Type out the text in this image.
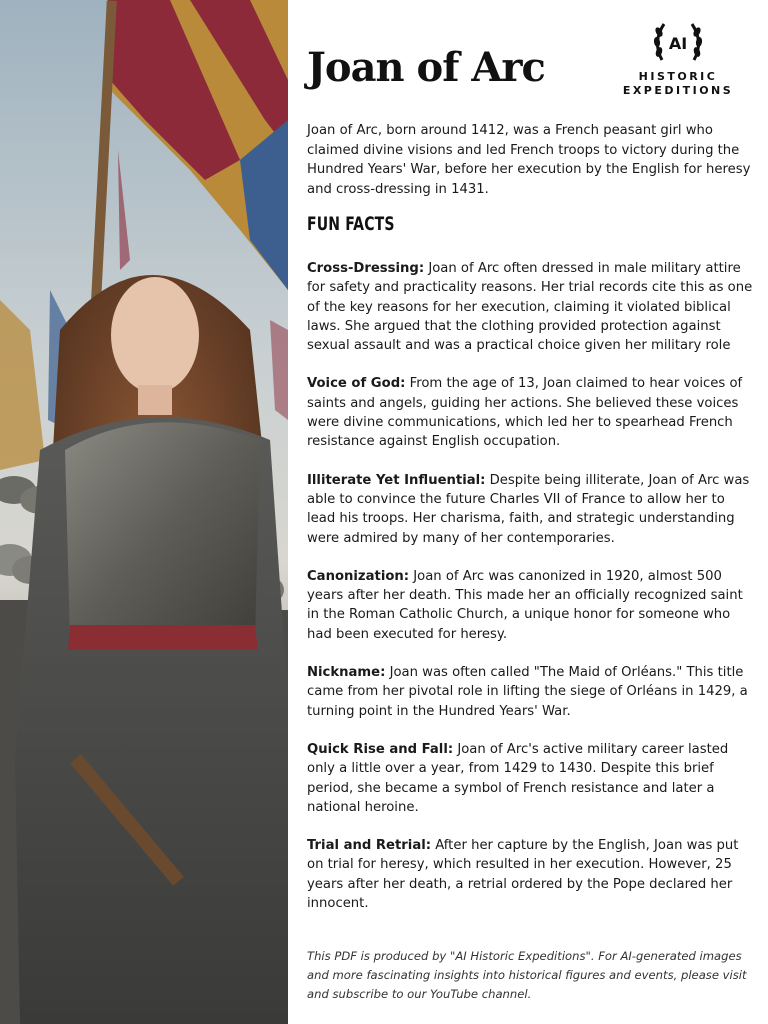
Joan of Arc
AI
HISTORIC
EXPEDITIONS

Joan of Arc, born around 1412, was a French peasant girl who claimed divine visions and led French troops to victory during the Hundred Years' War, before her execution by the English for heresy and cross-dressing in 1431.

FUN FACTS

Cross-Dressing: Joan of Arc often dressed in male military attire for safety and practicality reasons. Her trial records cite this as one of the key reasons for her execution, claiming it violated biblical laws. She argued that the clothing provided protection against sexual assault and was a practical choice given her military role

Voice of God: From the age of 13, Joan claimed to hear voices of saints and angels, guiding her actions. She believed these voices were divine communications, which led her to spearhead French resistance against English occupation.

Illiterate Yet Influential: Despite being illiterate, Joan of Arc was able to convince the future Charles VII of France to allow her to lead his troops. Her charisma, faith, and strategic understanding were admired by many of her contemporaries.

Canonization: Joan of Arc was canonized in 1920, almost 500 years after her death. This made her an officially recognized saint in the Roman Catholic Church, a unique honor for someone who had been executed for heresy.

Nickname: Joan was often called "The Maid of Orléans." This title came from her pivotal role in lifting the siege of Orléans in 1429, a turning point in the Hundred Years' War.

Quick Rise and Fall: Joan of Arc's active military career lasted only a little over a year, from 1429 to 1430. Despite this brief period, she became a symbol of French resistance and later a national heroine.

Trial and Retrial: After her capture by the English, Joan was put on trial for heresy, which resulted in her execution. However, 25 years after her death, a retrial ordered by the Pope declared her innocent.

This PDF is produced by "AI Historic Expeditions". For AI-generated images and more fascinating insights into historical figures and events, please visit and subscribe to our YouTube channel.
